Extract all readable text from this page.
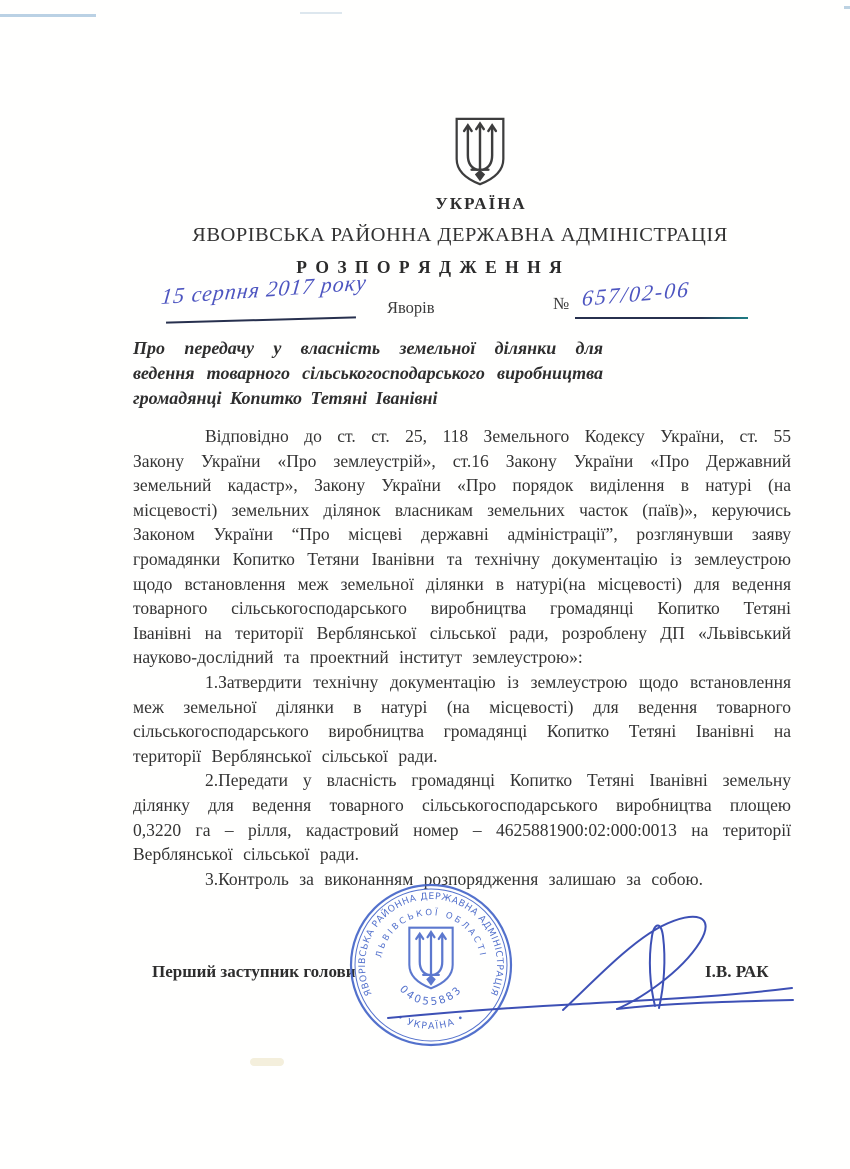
УКРАЇНА
ЯВОРІВСЬКА РАЙОННА ДЕРЖАВНА АДМІНІСТРАЦІЯ
Р О З П О Р Я Д Ж Е Н Н Я
15 серпня 2017 року Яворів	№ 657/02-06
Про передачу у власність земельної ділянки для ведення товарного сільськогосподарського виробництва громадянці Копитко Тетяні Іванівні

Відповідно до ст. ст. 25, 118 Земельного Кодексу України, ст. 55 Закону України «Про землеустрій», ст.16 Закону України «Про Державний земельний кадастр», Закону України «Про порядок виділення в натурі (на місцевості) земельних ділянок власникам земельних часток (паїв)», керуючись Законом України “Про місцеві державні адміністрації”, розглянувши заяву громадянки Копитко Тетяни Іванівни та технічну документацію із землеустрою щодо встановлення меж земельної ділянки в натурі(на місцевості) для ведення товарного сільськогосподарського виробництва громадянці Копитко Тетяні Іванівні на території Верблянської сільської ради, розроблену ДП «Львівський науково-дослідний та проектний інститут землеустрою»:

1.Затвердити технічну документацію із землеустрою щодо встановлення меж земельної ділянки в натурі (на місцевості) для ведення товарного сільськогосподарського виробництва громадянці Копитко Тетяні Іванівні на території Верблянської сільської ради.

2.Передати у власність громадянці Копитко Тетяні Іванівні земельну ділянку для ведення товарного сільськогосподарського виробництва площею 0,3220 га – рілля, кадастровий номер – 4625881900:02:000:0013 на території Верблянської сільської ради.

3.Контроль за виконанням розпорядження залишаю за собою.

Перший заступник голови	І.В. РАК
ЯВОРІВСЬКА РАЙОННА ДЕРЖАВНА АДМІНІСТРАЦІЯ
ЛЬВІВСЬКОЇ ОБЛАСТІ
04055883
• УКРАЇНА •
